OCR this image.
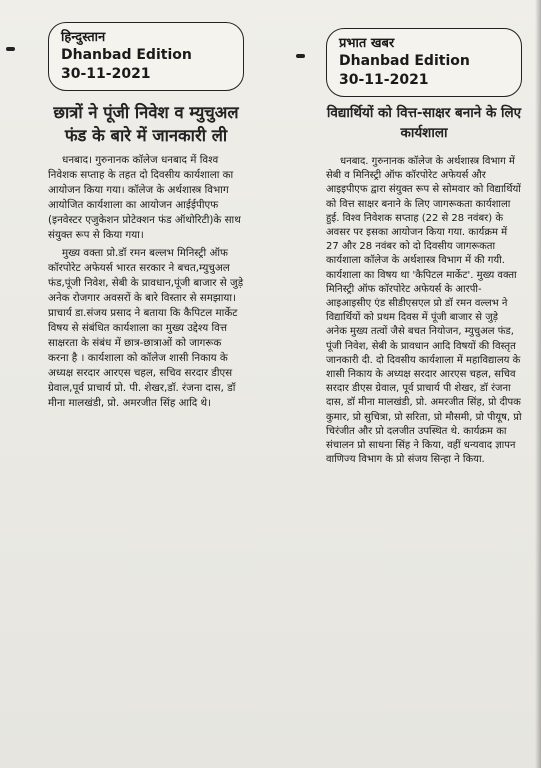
हिन्दुस्तान
Dhanbad Edition
30-11-2021
छात्रों ने पूंजी निवेश व म्युचुअल फंड के बारे में जानकारी ली

धनबाद। गुरुनानक कॉलेज धनबाद में विश्व निवेशक सप्ताह के तहत दो दिवसीय कार्यशाला का आयोजन किया गया। कॉलेज के अर्थशास्त्र विभाग आयोजित कार्यशाला का आयोजन आईईपीएफ (इनवेस्टर एजुकेशन प्रोटेक्शन फंड ऑथोरिटी)के साथ संयुक्त रूप से किया गया।

मुख्य वक्ता प्रो.डॉ रमन बल्लभ मिनिस्ट्री ऑफ कॉरपोरेट अफेयर्स भारत सरकार ने बचत,म्युचुअल फंड,पूंजी निवेश, सेबी के प्रावधान,पूंजी बाजार से जुड़े अनेक रोजगार अवसरों के बारे विस्तार से समझाया। प्राचार्य डा.संजय प्रसाद ने बताया कि कैपिटल मार्केट विषय से संबंधित कार्यशाला का मुख्य उद्देश्य वित्त साक्षरता के संबंध में छात्र-छात्राओं को जागरूक करना है । कार्यशाला को कॉलेज शासी निकाय के अध्यक्ष सरदार आरएस चहल, सचिव सरदार डीएस ग्रेवाल,पूर्व प्राचार्य प्रो. पी. शेखर,डॉ. रंजना दास, डॉ मीना मालखंडी, प्रो. अमरजीत सिंह आदि थे।

प्रभात खबर
Dhanbad Edition
30-11-2021
विद्यार्थियों को वित्त-साक्षर बनाने के लिए कार्यशाला

धनबाद. गुरुनानक कॉलेज के अर्थशास्त्र विभाग में सेबी व मिनिस्ट्री ऑफ कॉरपोरेट अफेयर्स और आइइपीएफ द्वारा संयुक्त रूप से सोमवार को विद्यार्थियों को वित्त साक्षर बनाने के लिए जागरूकता कार्यशाला हुई. विश्व निवेशक सप्ताह (22 से 28 नवंबर) के अवसर पर इसका आयोजन किया गया. कार्यक्रम में 27 और 28 नवंबर को दो दिवसीय जागरूकता कार्यशाला कॉलेज के अर्थशास्त्र विभाग में की गयी. कार्यशाला का विषय था 'कैपिटल मार्केट'. मुख्य वक्ता मिनिस्ट्री ऑफ कॉरपोरेट अफेयर्स के आरपी- आइआइसीए एंड सीडीएसएल प्रो डॉ रमन वल्लभ ने विद्यार्थियों को प्रथम दिवस में पूंजी बाजार से जुड़े अनेक मुख्य तत्वों जैसे बचत नियोजन, म्युचुअल फंड, पूंजी निवेश, सेबी के प्रावधान आदि विषयों की विस्तृत जानकारी दी. दो दिवसीय कार्यशाला में महाविद्यालय के शासी निकाय के अध्यक्ष सरदार आरएस चहल, सचिव सरदार डीएस ग्रेवाल, पूर्व प्राचार्य पी शेखर, डॉ रंजना दास, डॉ मीना मालखंडी, प्रो. अमरजीत सिंह, प्रो दीपक कुमार, प्रो सुचित्रा, प्रो सरिता, प्रो मौसमी, प्रो पीयूष, प्रो चिरंजीत और प्रो दलजीत उपस्थित थे. कार्यक्रम का संचालन प्रो साधना सिंह ने किया, वहीं धन्यवाद ज्ञापन वाणिज्य विभाग के प्रो संजय सिन्हा ने किया.
